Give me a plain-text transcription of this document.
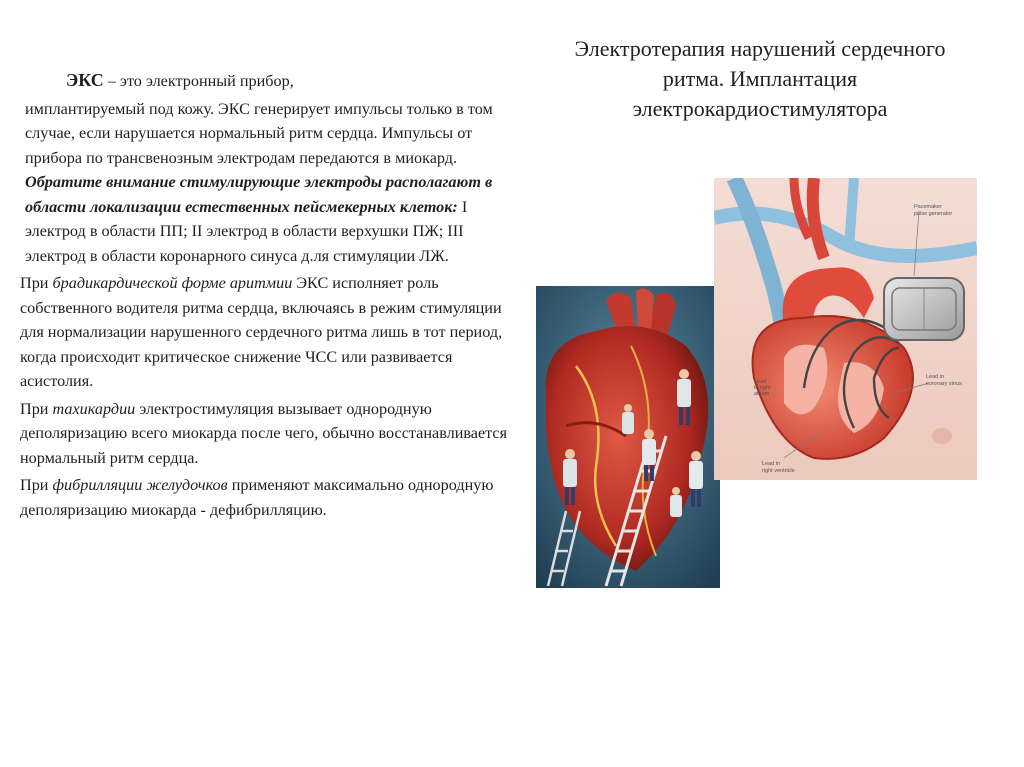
Электротерапия нарушений сердечного ритма. Имплантация электрокардиостимулятора

ЭКС – это электронный прибор,

имплантируемый под кожу. ЭКС генерирует импульсы только в том случае, если нарушается нормальный ритм сердца. Импульсы от прибора по трансвенозным электродам передаются в миокард. Обратите внимание стимулирующие электроды располагают в области локализации естественных пейсмекерных клеток: I электрод в области ПП; II электрод в области верхушки ПЖ; III электрод в области коронарного синуса д.ля стимуляции ЛЖ.

При брадикардической форме аритмии ЭКС исполняет роль собственного водителя ритма сердца, включаясь в режим стимуляции для нормализации нарушенного сердечного ритма лишь в тот период, когда происходит критическое снижение ЧСС или развивается асистолия.

При тахикардии электростимуляция вызывает однородную деполяризацию всего миокарда после чего, обычно восстанавливается нормальный ритм сердца.

При фибрилляции желудочков применяют максимально однородную деполяризацию миокарда - дефибрилляцию.

Pacemaker
pulse generator
Lead
in right
atrium
Lead in
coronary sinus
Lead in
right ventricle
